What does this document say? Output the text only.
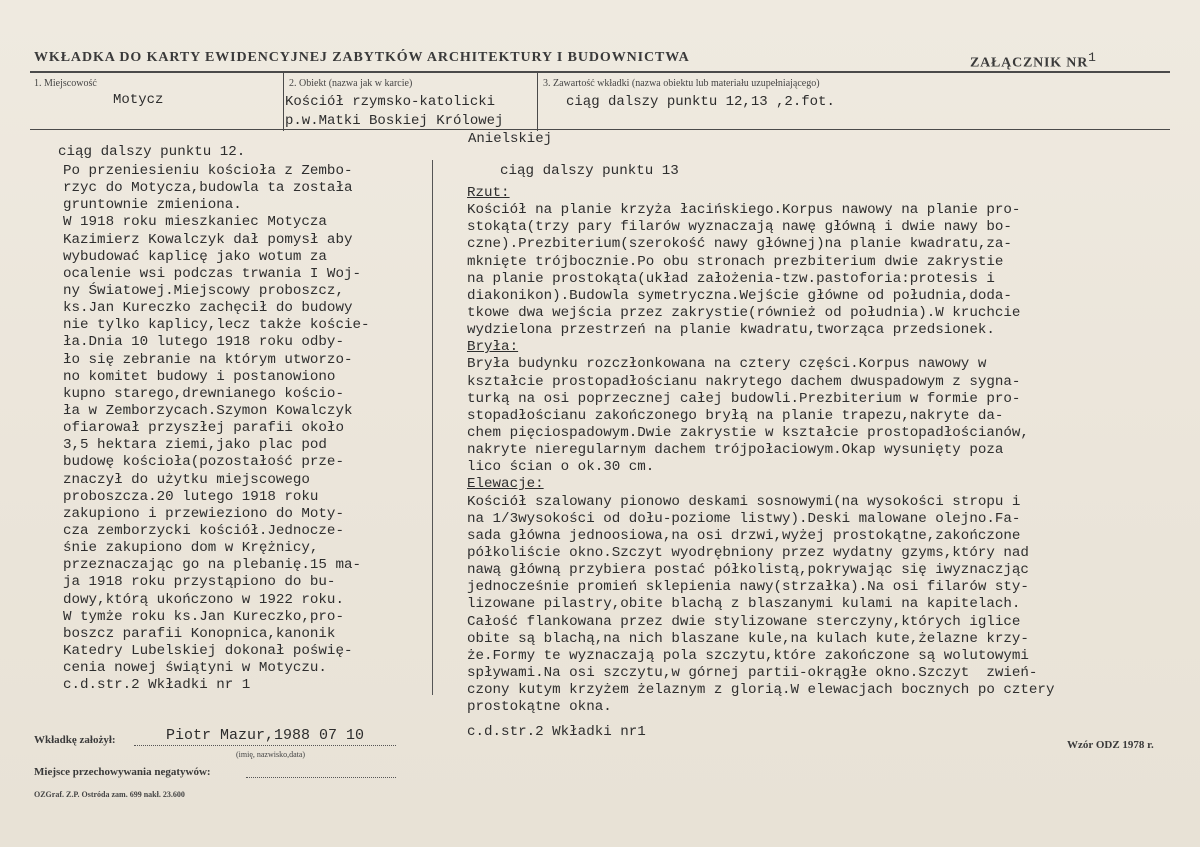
WKŁADKA DO KARTY EWIDENCYJNEJ ZABYTKÓW ARCHITEKTURY I BUDOWNICTWA	ZAŁĄCZNIK $NR^1$
1. Miejscowość
Motycz
2. Obiekt (nazwa jak w karcie)
Kościół rzymsko-katolicki
p.w.Matki Boskiej Królowej
Anielskiej
3. Zawartość wkładki (nazwa obiektu lub materiału uzupełniającego)
ciąg dalszy punktu 12,13 ,2.fot.
ciąg dalszy punktu 12.
Po przeniesieniu kościoła z Zembo-
rzyc do Motycza,budowla ta została
gruntownie zmieniona.
W 1918 roku mieszkaniec Motycza
Kazimierz Kowalczyk dał pomysł aby
wybudować kaplicę jako wotum za
ocalenie wsi podczas trwania I Woj-
ny Światowej.Miejscowy proboszcz,
ks.Jan Kureczko zachęcił do budowy
nie tylko kaplicy,lecz także koście-
ła.Dnia 10 lutego 1918 roku odby-
ło się zebranie na którym utworzo-
no komitet budowy i postanowiono
kupno starego,drewnianego kościo-
ła w Zemborzycach.Szymon Kowalczyk
ofiarował przyszłej parafii około
3,5 hektara ziemi,jako plac pod
budowę kościoła(pozostałość prze-
znaczył do użytku miejscowego
proboszcza.20 lutego 1918 roku
zakupiono i przewieziono do Moty-
cza zemborzycki kościół.Jednocze-
śnie zakupiono dom w Krężnicy,
przeznaczając go na plebanię.15 ma-
ja 1918 roku przystąpiono do bu-
dowy,którą ukończono w 1922 roku.
W tymże roku ks.Jan Kureczko,pro-
boszcz parafii Konopnica,kanonik
Katedry Lubelskiej dokonał poświę-
cenia nowej świątyni w Motyczu.
c.d.str.2 Wkładki nr 1
ciąg dalszy punktu 13
Rzut:
Kościół na planie krzyża łacińskiego.Korpus nawowy na planie pro-
stokąta(trzy pary filarów wyznaczają nawę główną i dwie nawy bo-
czne).Prezbiterium(szerokość nawy głównej)na planie kwadratu,za-
mknięte trójbocznie.Po obu stronach prezbiterium dwie zakrystie
na planie prostokąta(układ założenia-tzw.pastoforia:protesis i
diakonikon).Budowla symetryczna.Wejście główne od południa,doda-
tkowe dwa wejścia przez zakrystie(również od południa).W kruchcie
wydzielona przestrzeń na planie kwadratu,tworząca przedsionek.
Bryła:
Bryła budynku rozczłonkowana na cztery części.Korpus nawowy w
kształcie prostopadłościanu nakrytego dachem dwuspadowym z sygna-
turką na osi poprzecznej całej budowli.Prezbiterium w formie pro-
stopadłościanu zakończonego bryłą na planie trapezu,nakryte da-
chem pięciospadowym.Dwie zakrystie w kształcie prostopadłościanów,
nakryte nieregularnym dachem trójpołaciowym.Okap wysunięty poza
lico ścian o ok.30 cm.
Elewacje:
Kościół szalowany pionowo deskami sosnowymi(na wysokości stropu i
na 1/3wysokości od dołu-poziome listwy).Deski malowane olejno.Fa-
sada główna jednoosiowa,na osi drzwi,wyżej prostokątne,zakończone
półkoliście okno.Szczyt wyodrębniony przez wydatny gzyms,który nad
nawą główną przybiera postać półkolistą,pokrywając się iwyznaczjąc
jednocześnie promień sklepienia nawy(strzałka).Na osi filarów sty-
lizowane pilastry,obite blachą z blaszanymi kulami na kapitelach.
Całość flankowana przez dwie stylizowane sterczyny,których iglice
obite są blachą,na nich blaszane kule,na kulach kute,żelazne krzy-
że.Formy te wyznaczają pola szczytu,które zakończone są wolutowymi
spływami.Na osi szczytu,w górnej partii-okrągłe okno.Szczyt  zwień-
czony kutym krzyżem żelaznym z glorią.W elewacjach bocznych po cztery
prostokątne okna.
c.d.str.2 Wkładki nr1
Wkładkę założył:	Piotr Mazur,1988 07 10
(imię, nazwisko,data)
Miejsce przechowywania negatywów:
Wzór ODZ 1978 r.
OZGraf. Z.P. Ostróda zam. 699 nakł. 23.600
